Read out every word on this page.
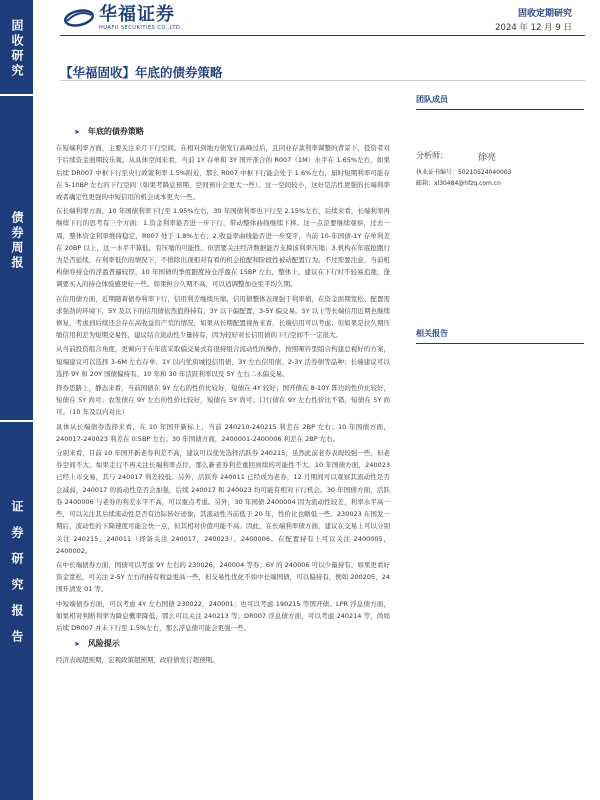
固收研究
债券周报
证券研究报告
华福证券
HUAFU SECURITIES CO.,LTD.
固收定期研究
2024 年 12 月 9 日
【华福固收】年底的债券策略
➤ 年底的债券策略

在短端利率方面，主要关注来月下行空间。在相对到地方债发行高峰过后，且同业存款利率调整的背景下，投资者对于后续资金面期较乐观。从具体空间来看，当前 1Y 存单和 3Y 国开准合的 R007（1M）水平在 1.65%左右，如果后续 DR007 中枢下行至央行政策利率 1.5%附近，那么 R007 中枢下行能会处于 1.6%左右，届时短期利率可能存在 5-10BP 左右的下行空间（如果考降息预期，空间预计会更大一些）。这一空间较小，这好是活性更强的长端利率或者确定性更强的中短信用的机会成本更大一些。

在长端利率方面，10 年国债利率下行至 1.95%左右，30 年国债利率也下行至 2.15%左右，后续来看，长端利率再继续下行的思考有三个方面：1.资金利率能否进一步下行，带动整体曲线继续下移。这一点是要继续观察，过去一周，整体资金利率维持稳定，R007 处于 1.8%左右；2.收益率曲线能否进一步变平，当前 10-年国债-1Y 存单利差在 20BP 以上，这一水平不算低，有压缩的可能性，但需要关注经济数据能否支撑该利率压缩；3.机构在年底抢跑行为是否延续，在利率低位的情况下，不排除出现相对有看的机会抢配和阶段性被动配置行为。不过需要注意，当前机构债券持仓的浮盈普遍较厚，10 年国债的季度跟度持仓浮盈在 15BP 左右，整体上，建议在下行时不轻易追涨，逢调要买入的持仓体验感更好一些。如果担合久期不高，可以适调整加仓至平均久期。

在信用债方面，近期随着债券利率下行，信用利差继续压缩，信用债整体表现强于利率债，在资金面期宽松、配置需求强劲的环境下，5Y 及以下的信用债依然值得持有，3Y 以下偏配置，3-5Y 偏交易。5Y 以上等长端信用近期也继续修复，考虑到后续还会存在高收益资产荒的情况，如果从长期配置视角来看，长端信用可以考虑；但如果是拉久期压缩信用利差为短期交易性，建议结合流动性少量持有，因为较好对长信用债的下行空间不一定很大。

从当前投资组合角度，更倾向于在年底采取偏交易式有很持组合流动性的操作，按照哑铃型组合构建总视好的方案，短端建议可以选择 3-6M 左右存单、1Y 以内优质城投信用债，3Y 左右信用债、2-3Y 活券债等品种；长端建议可以选择 9Y 和 20Y 国债偏持有、10 年和 30 年活跃利率以及 5Y 左右二永偏交易。

择券思路上，静态来看，当前国债在 9Y 左右的性价比较好，短债在 4Y 较好；国开债在 8-10Y 阵边的性价比较好，短债在 5Y 尚可；农发债在 9Y 左右的性价比较好，短债在 5Y 尚可；口行债在 9Y 左右性价比不错，短债在 5Y 尚可。（10 年及以内对比）

具体从长端债券选择来看，在 10 年国开新标上，当前 240210-240215 利差在 2BP 左右；10 年国债方面，240017-240023 利差在 0.5BP 左右；30 年国债方面，2400001-2400006 利差在 2BP 左右。

分别来看，目前 10 年国开新老券利差不高，建议可以优先选择活跃券 240215，虽然此前老券表现较强一些，但老券空间不大。如果走行不再关注长端利率点位，那么新老券利差重回到续的可能性不大。10 年国债方面，240023 已经上市交易，其与 240017 利差较低。另外，活跃券 240011 已经成为老券，12 月期间可以观察其流动性是否会减弱，240017 的流动性是否会加强，后续 240017 和 240023 均可能有相对下行机会。30 年国债方面，活跃券 2400006 与老券的利差水平不高，可以重点考虑。另外，30 年国债 2400004 因为流动性较差，利率水平高一些，可以关注其后续流动性是否有边际转好迹象，其流动性当前低于 20 年，性价比也略低一些。230023 在国发一期后，流动性的下降速度可能会快一点，但其相对价值可能不高。因此，在长端利率债方面，建议在交易上可以分别关注 240215，240011（择备关注 240017，240023），2400006。在配置持有上可以关注 2400005，2400002。

在中长端债券方面，国债可以考虑 9Y 左右的 230026，240004 等券；6Y 的 240006 可以少量持有。如果更看好资金宽松，可关注 2-5Y 左右的持有收益更高一些，但交易性优化不如中长端国债，可以偏持有，例如 200205，24 国开清发 01 等。

中短端债券方面，可以考虑 4Y 左右国债 230022，240001；也可以考虑 190215 等国开债。LPR 浮息债方面，如果相对判断利率为降息概率降低，那么可以关注 240213 等；DR007 浮息债方面，可以考虑 240214 等，尚如后续 DR007 并未下行至 1.5%左右，那么浮息债可能会更强一些。

➤ 风险提示

经济表现超预期，宏观政策超预期，政府债发行超预期。

团队成员
分析师：	徐亮
执业证书编号：S0210524040003
邮箱：xl30484@hfzq.com.cn
相关报告
